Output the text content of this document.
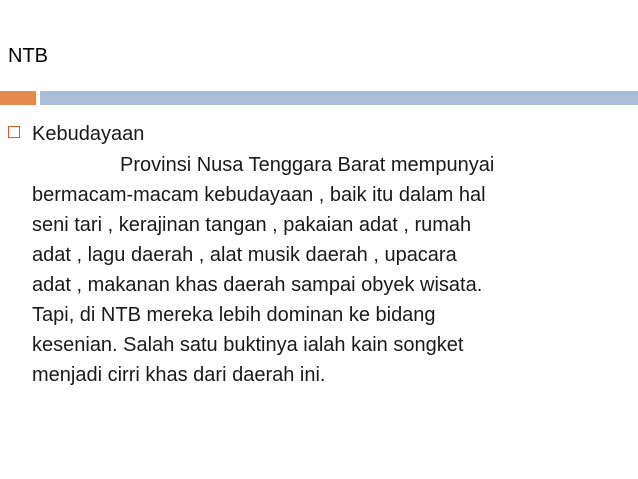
NTB
Kebudayaan

Provinsi Nusa Tenggara Barat mempunyai
bermacam-macam kebudayaan , baik itu dalam hal
seni tari , kerajinan tangan , pakaian adat , rumah
adat , lagu daerah , alat musik daerah , upacara
adat , makanan khas daerah sampai obyek wisata.
Tapi, di NTB mereka lebih dominan ke bidang
kesenian. Salah satu buktinya ialah kain songket
menjadi cirri khas dari daerah ini.
